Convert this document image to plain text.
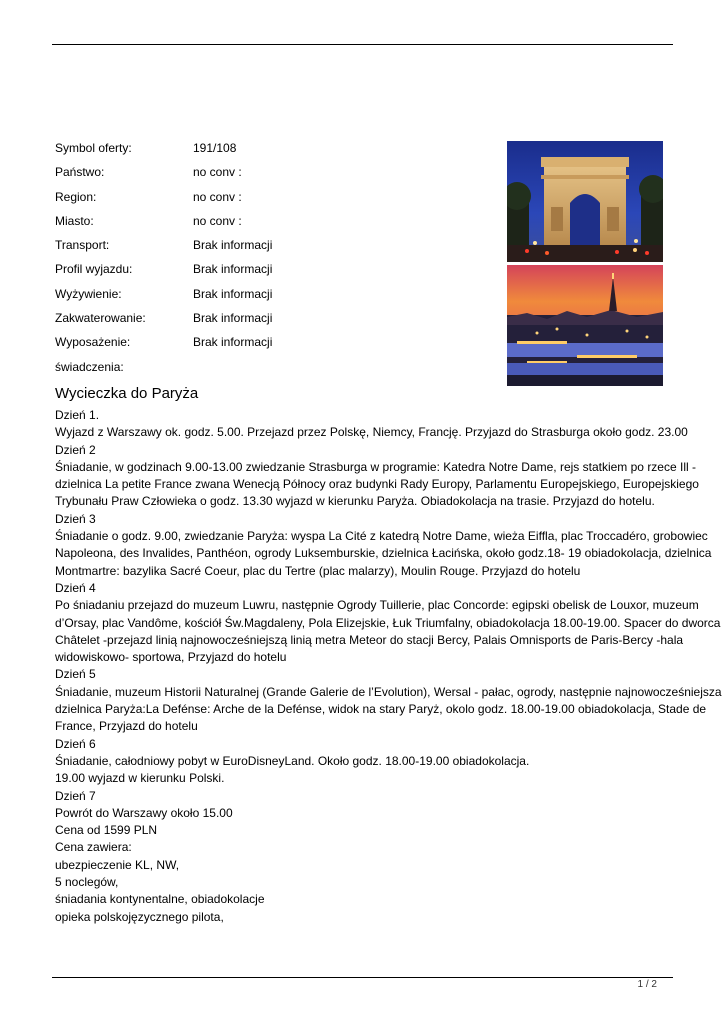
Symbol oferty:	191/108
Państwo:	no conv :
Region:	no conv :
Miasto:	no conv :
Transport:	Brak informacji
Profil wyjazdu:	Brak informacji
Wyżywienie:	Brak informacji
Zakwaterowanie:	Brak informacji
Wyposażenie:	Brak informacji
świadczenia:
Wycieczka do Paryża
Dzień 1.
Wyjazd z Warszawy ok. godz. 5.00. Przejazd przez Polskę, Niemcy, Francję. Przyjazd do Strasburga około godz. 23.00
Dzień 2
Śniadanie, w godzinach 9.00-13.00 zwiedzanie Strasburga w programie: Katedra Notre Dame, rejs statkiem po rzece Ill -
dzielnica La petite France zwana Wenecją Północy oraz budynki Rady Europy, Parlamentu Europejskiego, Europejskiego
Trybunału Praw Człowieka o godz. 13.30 wyjazd w kierunku Paryża. Obiadokolacja na trasie. Przyjazd do hotelu.
Dzień 3
Śniadanie o godz. 9.00, zwiedzanie Paryża: wyspa La Cité z katedrą Notre Dame, wieża Eiffla, plac Troccadéro, grobowiec
Napoleona, des Invalides, Panthéon, ogrody Luksemburskie, dzielnica Łacińska, około godz.18- 19 obiadokolacja, dzielnica
Montmartre: bazylika Sacré Coeur, plac du Tertre (plac malarzy), Moulin Rouge. Przyjazd do hotelu
Dzień 4
Po śniadaniu przejazd do muzeum Luwru, następnie Ogrody Tuillerie, plac Concorde: egipski obelisk de Louxor, muzeum
d’Orsay, plac Vandôme, kościół Św.Magdaleny, Pola Elizejskie, Łuk Triumfalny, obiadokolacja 18.00-19.00. Spacer do dworca
Châtelet -przejazd linią najnowocześniejszą linią metra Meteor do stacji Bercy, Palais Omnisports de Paris-Bercy -hala
widowiskowo- sportowa, Przyjazd do hotelu
Dzień 5
Śniadanie, muzeum Historii Naturalnej (Grande Galerie de l’Evolution), Wersal - pałac, ogrody, następnie najnowocześniejsza
dzielnica Paryża:La Defénse: Arche de la Defénse, widok na stary Paryż, okolo godz. 18.00-19.00 obiadokolacja, Stade de
France, Przyjazd do hotelu
Dzień 6
Śniadanie, całodniowy pobyt w EuroDisneyLand. Około godz. 18.00-19.00 obiadokolacja.
19.00 wyjazd w kierunku Polski.
Dzień 7
Powrót do Warszawy około 15.00
Cena od 1599 PLN
Cena zawiera:
ubezpieczenie KL, NW,
5 noclegów,
śniadania kontynentalne, obiadokolacje
opieka polskojęzycznego pilota,
1 / 2
